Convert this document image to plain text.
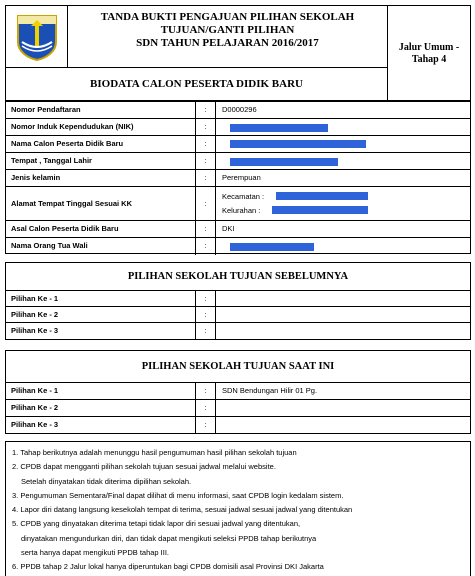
TANDA BUKTI PENGAJUAN PILIHAN SEKOLAH
TUJUAN/GANTI PILIHAN
SDN TAHUN PELAJARAN 2016/2017
BIODATA CALON PESERTA DIDIK BARU
Jalur Umum -
Tahap 4
Nomor Pendaftaran	:	D0000296
Nomor Induk Kependudukan (NIK)	:
Nama Calon Peserta Didik Baru	:
Tempat , Tanggal Lahir	:
Jenis kelamin	:	Perempuan
Alamat Tempat Tinggal Sesuai KK	:
Kecamatan :
Kelurahan :
Asal Calon Peserta Didik Baru	:	DKI
Nama Orang Tua Wali	:
PILIHAN SEKOLAH TUJUAN SEBELUMNYA
Pilihan Ke - 1	:
Pilihan Ke - 2	:
Pilihan Ke - 3	:
PILIHAN SEKOLAH TUJUAN SAAT INI
Pilihan Ke - 1	:	SDN Bendungan Hilir 01 Pg.
Pilihan Ke - 2	:
Pilihan Ke - 3	:
1. Tahap berikutnya adalah menunggu hasil pengumuman hasil pilihan sekolah tujuan
2. CPDB dapat mengganti pilihan sekolah tujuan sesuai jadwal melalui website.
Setelah dinyatakan tidak diterima dipilihan sekolah.
3. Pengumuman Sementara/Final dapat dilihat di menu informasi, saat CPDB login kedalam sistem.
4. Lapor diri datang langsung kesekolah tempat di terima, sesuai jadwal sesuai jadwal yang ditentukan
5. CPDB yang dinyatakan diterima tetapi tidak lapor diri sesuai jadwal yang ditentukan,
dinyatakan mengundurkan diri, dan tidak dapat mengikuti seleksi PPDB tahap berikutnya
serta hanya dapat mengikuti PPDB tahap III.
6. PPDB tahap 2 Jalur lokal hanya diperuntukan bagi CPDB domisili asal Provinsi DKI Jakarta
